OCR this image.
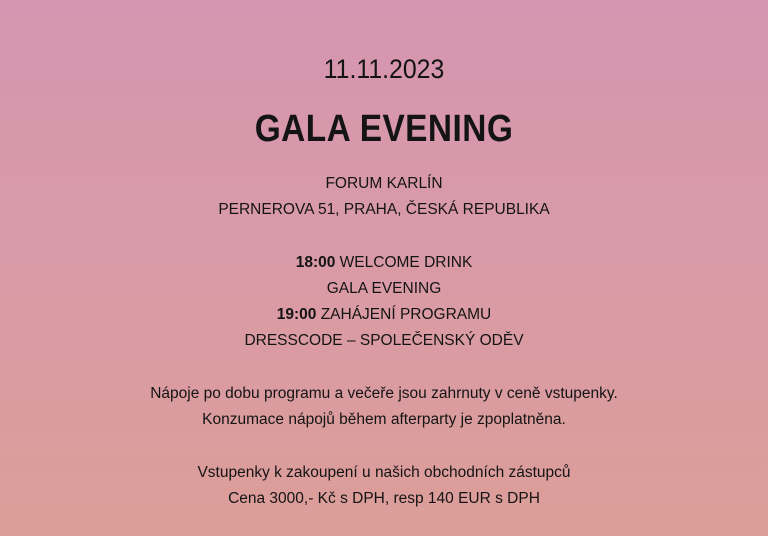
11.11.2023
GALA EVENING
FORUM KARLÍN
PERNEROVA 51, PRAHA, ČESKÁ REPUBLIKA
18:00 WELCOME DRINK
GALA EVENING
19:00 ZAHÁJENÍ PROGRAMU
DRESSCODE – SPOLEČENSKÝ ODĚV
Nápoje po dobu programu a večeře jsou zahrnuty v ceně vstupenky.
Konzumace nápojů během afterparty je zpoplatněna.
Vstupenky k zakoupení u našich obchodních zástupců
Cena 3000,- Kč s DPH, resp 140 EUR s DPH
